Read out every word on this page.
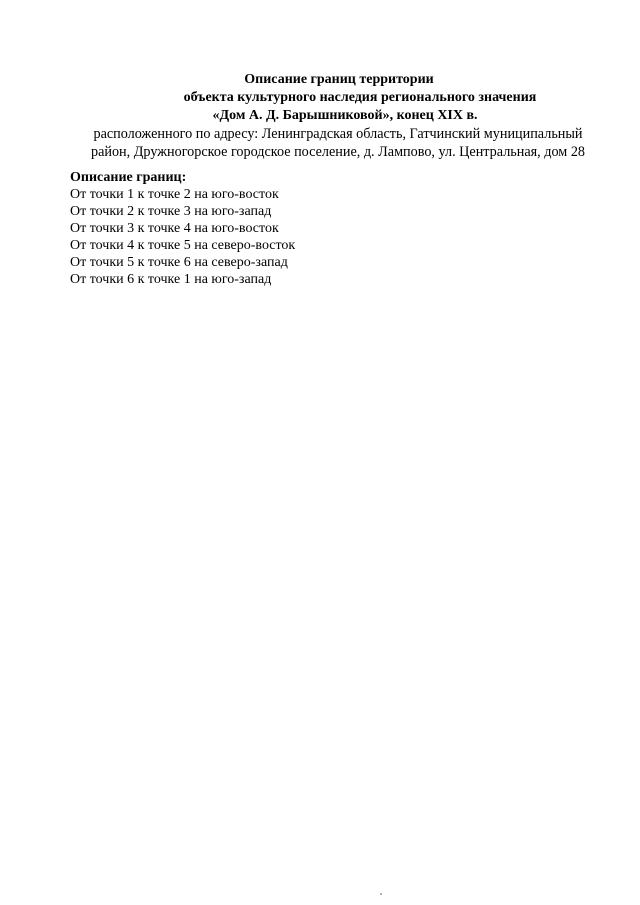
Описание границ территории
объекта культурного наследия регионального значения
«Дом А. Д. Барышниковой», конец XIX в.
расположенного по адресу: Ленинградская область, Гатчинский муниципальный
район, Дружногорское городское поселение, д. Лампово, ул. Центральная, дом 28
Описание границ:
От точки 1 к точке 2 на юго-восток
От точки 2 к точке 3 на юго-запад
От точки 3 к точке 4 на юго-восток
От точки 4 к точке 5 на северо-восток
От точки 5 к точке 6 на северо-запад
От точки 6 к точке 1 на юго-запад
